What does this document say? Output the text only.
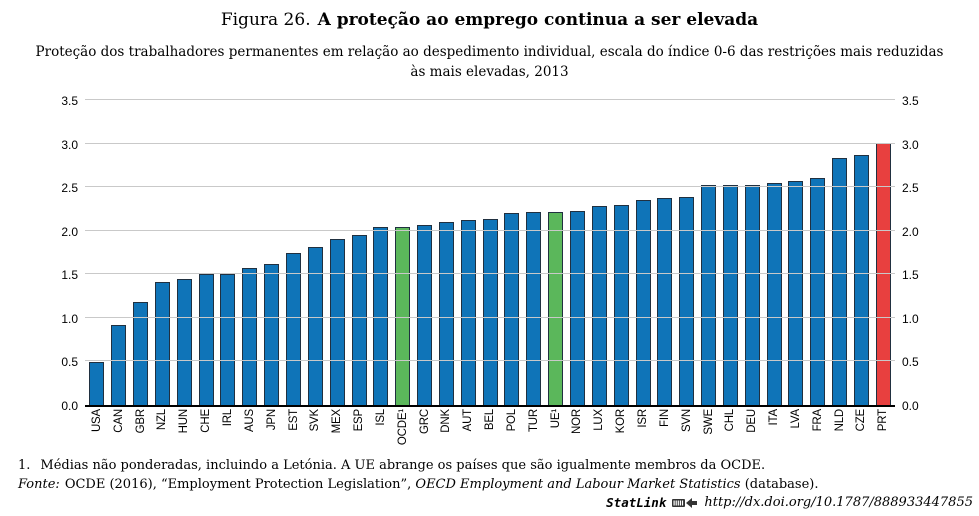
Figura 26. A proteção ao emprego continua a ser elevada
Proteção dos trabalhadores permanentes em relação ao despedimento individual, escala do índice 0-6 das restrições mais reduzidas às mais elevadas, 2013
0.0	0.0
0.5	0.5
1.0	1.0
1.5	1.5
2.0	2.0
2.5	2.5
3.0	3.0
3.5	3.5
USA CAN GBR NZL HUN CHE IRL AUS JPN EST SVK MEX ESP ISL OCDE¹ GRC DNK AUT BEL POL TUR UE¹ NOR LUX KOR ISR FIN SVN SWE CHL DEU ITA LVA FRA NLD CZE PRT
1. Médias não ponderadas, incluindo a Letónia. A UE abrange os países que são igualmente membros da OCDE.
Fonte: OCDE (2016), “Employment Protection Legislation”, OECD Employment and Labour Market Statistics (database).
StatLink	http://dx.doi.org/10.1787/888933447855
